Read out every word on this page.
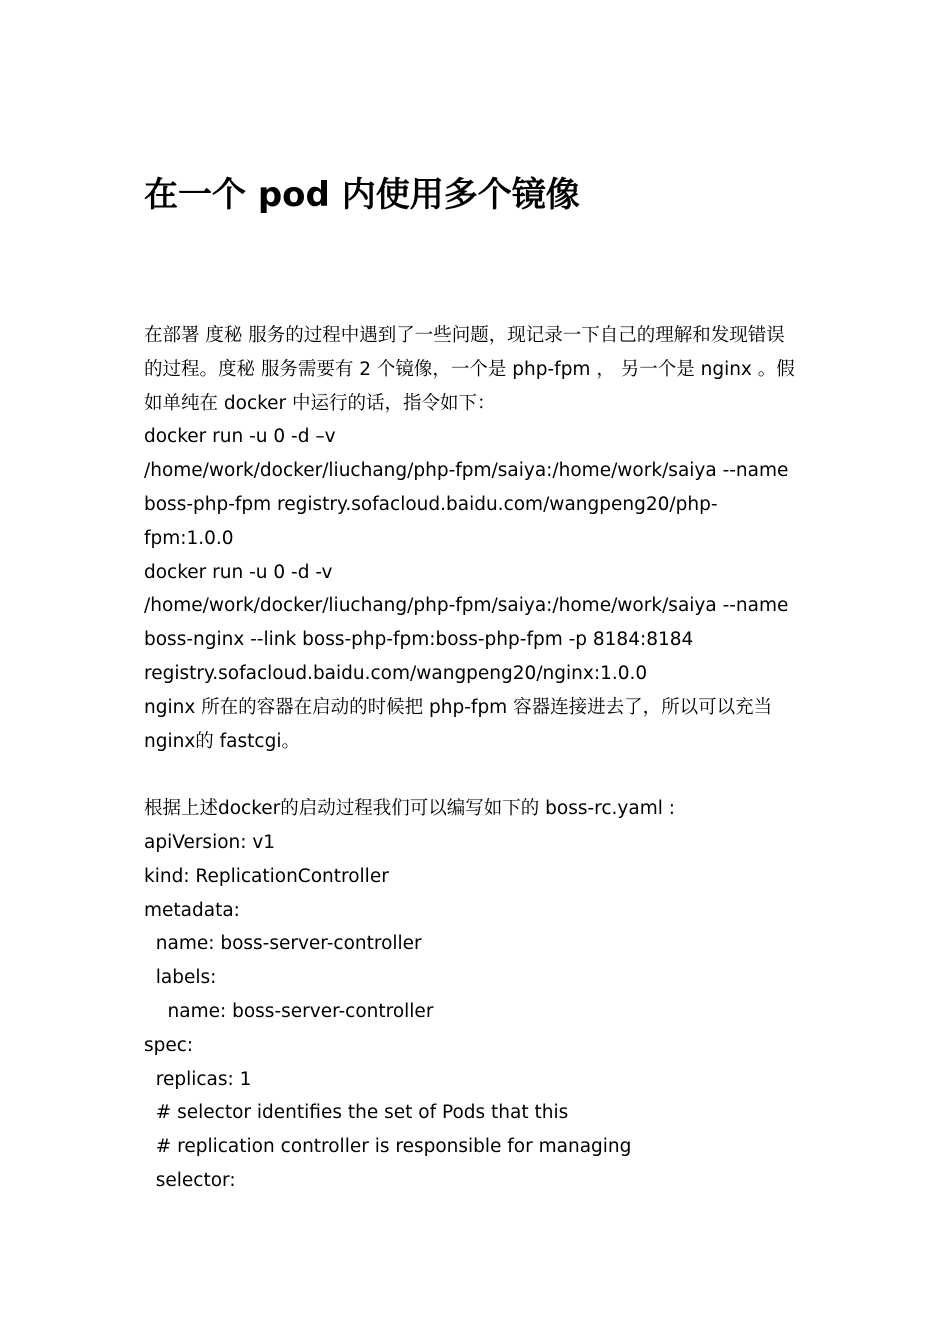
在一个 pod 内使用多个镜像
在部署 度秘 服务的过程中遇到了一些问题，现记录一下自己的理解和发现错误
的过程。度秘 服务需要有 2 个镜像，一个是 php-fpm ， 另一个是 nginx 。假
如单纯在 docker 中运行的话，指令如下：
docker run -u 0 -d –v
/home/work/docker/liuchang/php-fpm/saiya:/home/work/saiya --name
boss-php-fpm registry.sofacloud.baidu.com/wangpeng20/php-
fpm:1.0.0
docker run -u 0 -d -v
/home/work/docker/liuchang/php-fpm/saiya:/home/work/saiya --name
boss-nginx --link boss-php-fpm:boss-php-fpm -p 8184:8184
registry.sofacloud.baidu.com/wangpeng20/nginx:1.0.0
nginx 所在的容器在启动的时候把 php-fpm 容器连接进去了，所以可以充当
nginx的 fastcgi。
根据上述docker的启动过程我们可以编写如下的 boss-rc.yaml :
apiVersion: v1
kind: ReplicationController
metadata:
name: boss-server-controller
labels:
name: boss-server-controller
spec:
replicas: 1
# selector identifies the set of Pods that this
# replication controller is responsible for managing
selector:
